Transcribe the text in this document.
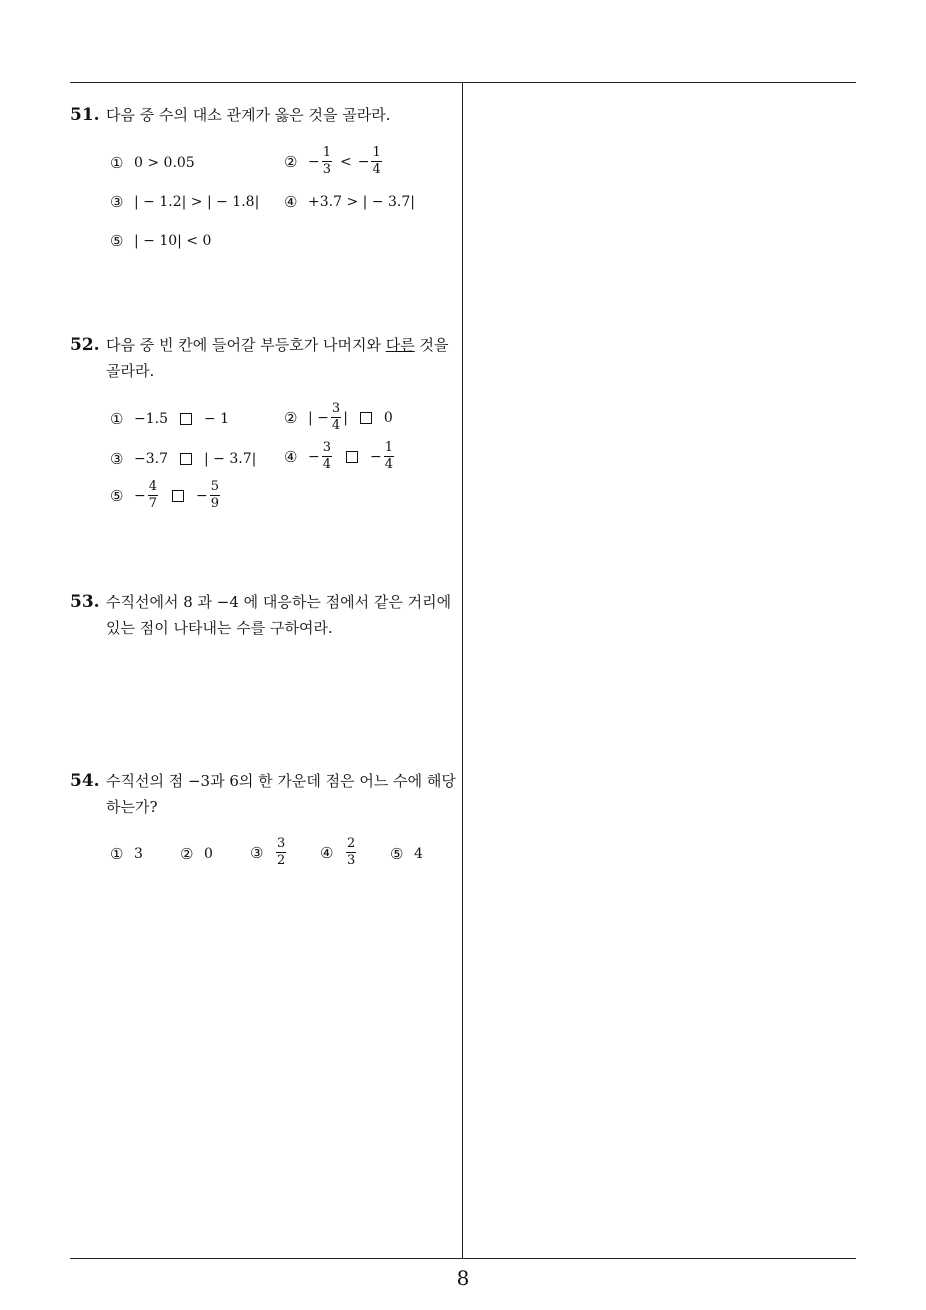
8
51. 다음 중 수의 대소 관계가 옳은 것을 골라라.
① 0 > 0.05	② − $\frac{1}{3}$ < − $\frac{1}{4}$
③ | − 1.2| > | − 1.8| ④ +3.7 > | − 3.7|
⑤ | − 10| < 0
52. 다음 중 빈 칸에 들어갈 부등호가 나머지와 다른 것을 골라라.
① −1.5	− 1	② | − $\frac{3}{4}$ |	0
③ −3.7	| − 3.7| ④ − $\frac{3}{4}$	− $\frac{1}{4}$
⑤ − $\frac{4}{7}$	− $\frac{5}{9}$
53. 수직선에서 8 과 −4 에 대응하는 점에서 같은 거리에 있는 점이 나타내는 수를 구하여라.
54. 수직선의 점 −3과 6의 한 가운데 점은 어느 수에 해당하는가?
① 3 ② 0 ③ $\frac{3}{2}$ ④ $\frac{2}{3}$ ⑤ 4
